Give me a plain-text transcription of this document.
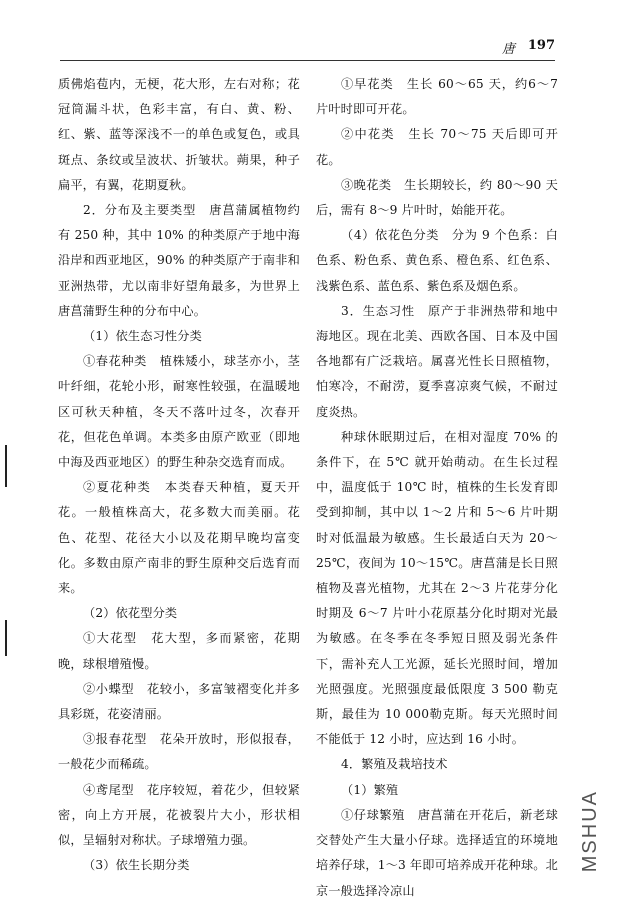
唐 197

质佛焰苞内，无梗，花大形，左右对称；花冠筒漏斗状，色彩丰富，有白、黄、粉、红、紫、蓝等深浅不一的单色或复色，或具斑点、条纹或呈波状、折皱状。蒴果，种子扁平，有翼，花期夏秋。

2．分布及主要类型　唐菖蒲属植物约有 250 种，其中 10% 的种类原产于地中海沿岸和西亚地区，90% 的种类原产于南非和亚洲热带，尤以南非好望角最多，为世界上唐菖蒲野生种的分布中心。

（1）依生态习性分类

①春花种类　植株矮小，球茎亦小，茎叶纤细，花轮小形，耐寒性较强，在温暖地区可秋天种植，冬天不落叶过冬，次春开花，但花色单调。本类多由原产欧亚（即地中海及西亚地区）的野生种杂交选育而成。

②夏花种类　本类春天种植，夏天开花。一般植株高大，花多数大而美丽。花色、花型、花径大小以及花期早晚均富变化。多数由原产南非的野生原种交后选育而来。

（2）依花型分类

①大花型　花大型，多而紧密，花期晚，球根增殖慢。

②小蝶型　花较小，多富皱褶变化并多具彩斑，花姿清丽。

③报春花型　花朵开放时，形似报春，一般花少而稀疏。

④鸢尾型　花序较短，着花少，但较紧密，向上方开展，花被裂片大小，形状相似，呈辐射对称状。子球增殖力强。

（3）依生长期分类

①早花类　生长 60～65 天，约6～7 片叶时即可开花。

②中花类　生长 70～75 天后即可开花。

③晚花类　生长期较长，约 80～90 天后，需有 8～9 片叶时，始能开花。

（4）依花色分类　分为 9 个色系：白色系、粉色系、黄色系、橙色系、红色系、浅紫色系、蓝色系、紫色系及烟色系。

3．生态习性　原产于非洲热带和地中海地区。现在北美、西欧各国、日本及中国各地都有广泛栽培。属喜光性长日照植物，怕寒冷，不耐涝，夏季喜凉爽气候，不耐过度炎热。

种球休眠期过后，在相对湿度 70% 的条件下，在 5℃ 就开始萌动。在生长过程中，温度低于 10℃ 时，植株的生长发育即受到抑制，其中以 1～2 片和 5～6 片叶期时对低温最为敏感。生长最适白天为 20～25℃，夜间为 10～15℃。唐菖蒲是长日照植物及喜光植物，尤其在 2～3 片花芽分化时期及 6～7 片叶小花原基分化时期对光最为敏感。在冬季在冬季短日照及弱光条件下，需补充人工光源，延长光照时间，增加光照强度。光照强度最低限度 3 500 勒克斯，最佳为 10 000勒克斯。每天光照时间不能低于 12 小时，应达到 16 小时。

4．繁殖及栽培技术

（1）繁殖

①仔球繁殖　唐菖蒲在开花后，新老球交替处产生大量小仔球。选择适宜的环境地培养仔球，1～3 年即可培养成开花种球。北京一般选择冷凉山

MSHUA
